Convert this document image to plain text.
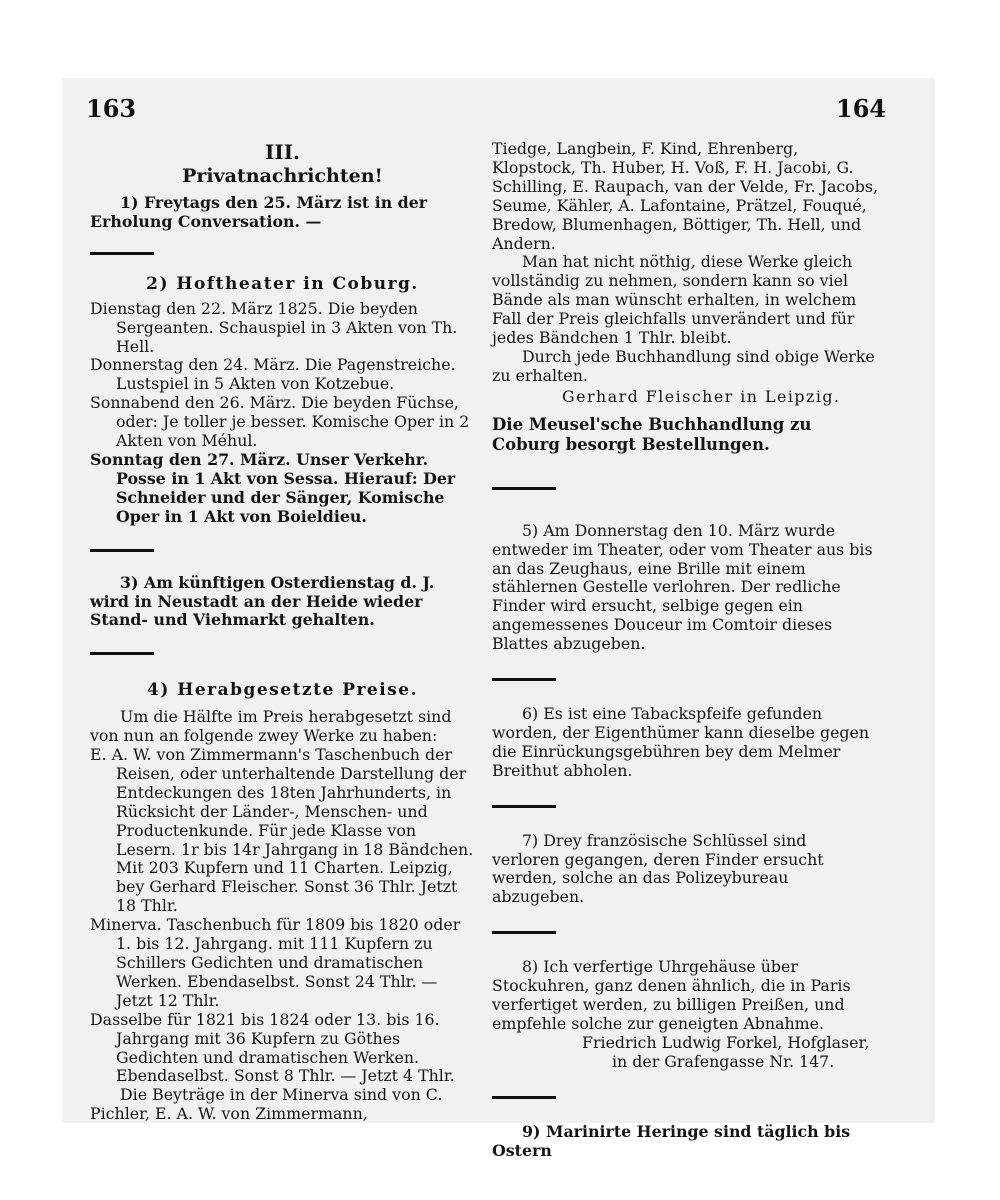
163	164
III.
Privatnachrichten!
1) Freytags den 25. März ist in der Erholung Conversation. —
2) Hoftheater in Coburg.
Dienstag den 22. März 1825. Die beyden Sergeanten. Schauspiel in 3 Akten von Th. Hell.
Donnerstag den 24. März. Die Pagenstreiche. Lustspiel in 5 Akten von Kotzebue.
Sonnabend den 26. März. Die beyden Füchse, oder: Je toller je besser. Komische Oper in 2 Akten von Méhul.
Sonntag den 27. März. Unser Verkehr. Posse in 1 Akt von Sessa. Hierauf: Der Schneider und der Sänger, Komische Oper in 1 Akt von Boieldieu.
3) Am künftigen Osterdienstag d. J. wird in Neustadt an der Heide wieder Stand- und Viehmarkt gehalten.
4) Herabgesetzte Preise.
Um die Hälfte im Preis herabgesetzt sind von nun an folgende zwey Werke zu haben:
E. A. W. von Zimmermann's Taschenbuch der Reisen, oder unterhaltende Darstellung der Entdeckungen des 18ten Jahrhunderts, in Rücksicht der Länder-, Menschen- und Productenkunde. Für jede Klasse von Lesern. 1r bis 14r Jahrgang in 18 Bändchen. Mit 203 Kupfern und 11 Charten. Leipzig, bey Gerhard Fleischer. Sonst 36 Thlr. Jetzt 18 Thlr.
Minerva. Taschenbuch für 1809 bis 1820 oder 1. bis 12. Jahrgang. mit 111 Kupfern zu Schillers Gedichten und dramatischen Werken. Ebendaselbst. Sonst 24 Thlr. — Jetzt 12 Thlr.
Dasselbe für 1821 bis 1824 oder 13. bis 16. Jahrgang mit 36 Kupfern zu Göthes Gedichten und dramatischen Werken. Ebendaselbst. Sonst 8 Thlr. — Jetzt 4 Thlr.
Die Beyträge in der Minerva sind von C. Pichler, E. A. W. von Zimmermann,
Tiedge, Langbein, F. Kind, Ehrenberg, Klopstock, Th. Huber, H. Voß, F. H. Jacobi, G. Schilling, E. Raupach, van der Velde, Fr. Jacobs, Seume, Kähler, A. Lafontaine, Prätzel, Fouqué, Bredow, Blumenhagen, Böttiger, Th. Hell, und Andern.
Man hat nicht nöthig, diese Werke gleich vollständig zu nehmen, sondern kann so viel Bände als man wünscht erhalten, in welchem Fall der Preis gleichfalls unverändert und für jedes Bändchen 1 Thlr. bleibt.
Durch jede Buchhandlung sind obige Werke zu erhalten.
Gerhard Fleischer in Leipzig.
Die Meusel'sche Buchhandlung zu Coburg besorgt Bestellungen.
5) Am Donnerstag den 10. März wurde entweder im Theater, oder vom Theater aus bis an das Zeughaus, eine Brille mit einem stählernen Gestelle verlohren. Der redliche Finder wird ersucht, selbige gegen ein angemessenes Douceur im Comtoir dieses Blattes abzugeben.
6) Es ist eine Tabackspfeife gefunden worden, der Eigenthümer kann dieselbe gegen die Einrückungsgebühren bey dem Melmer Breithut abholen.
7) Drey französische Schlüssel sind verloren gegangen, deren Finder ersucht werden, solche an das Polizeybureau abzugeben.
8) Ich verfertige Uhrgehäuse über Stockuhren, ganz denen ähnlich, die in Paris verfertiget werden, zu billigen Preißen, und empfehle solche zur geneigten Abnahme.
Friedrich Ludwig Forkel, Hofglaser,
in der Grafengasse Nr. 147.
9) Marinirte Heringe sind täglich bis Ostern
